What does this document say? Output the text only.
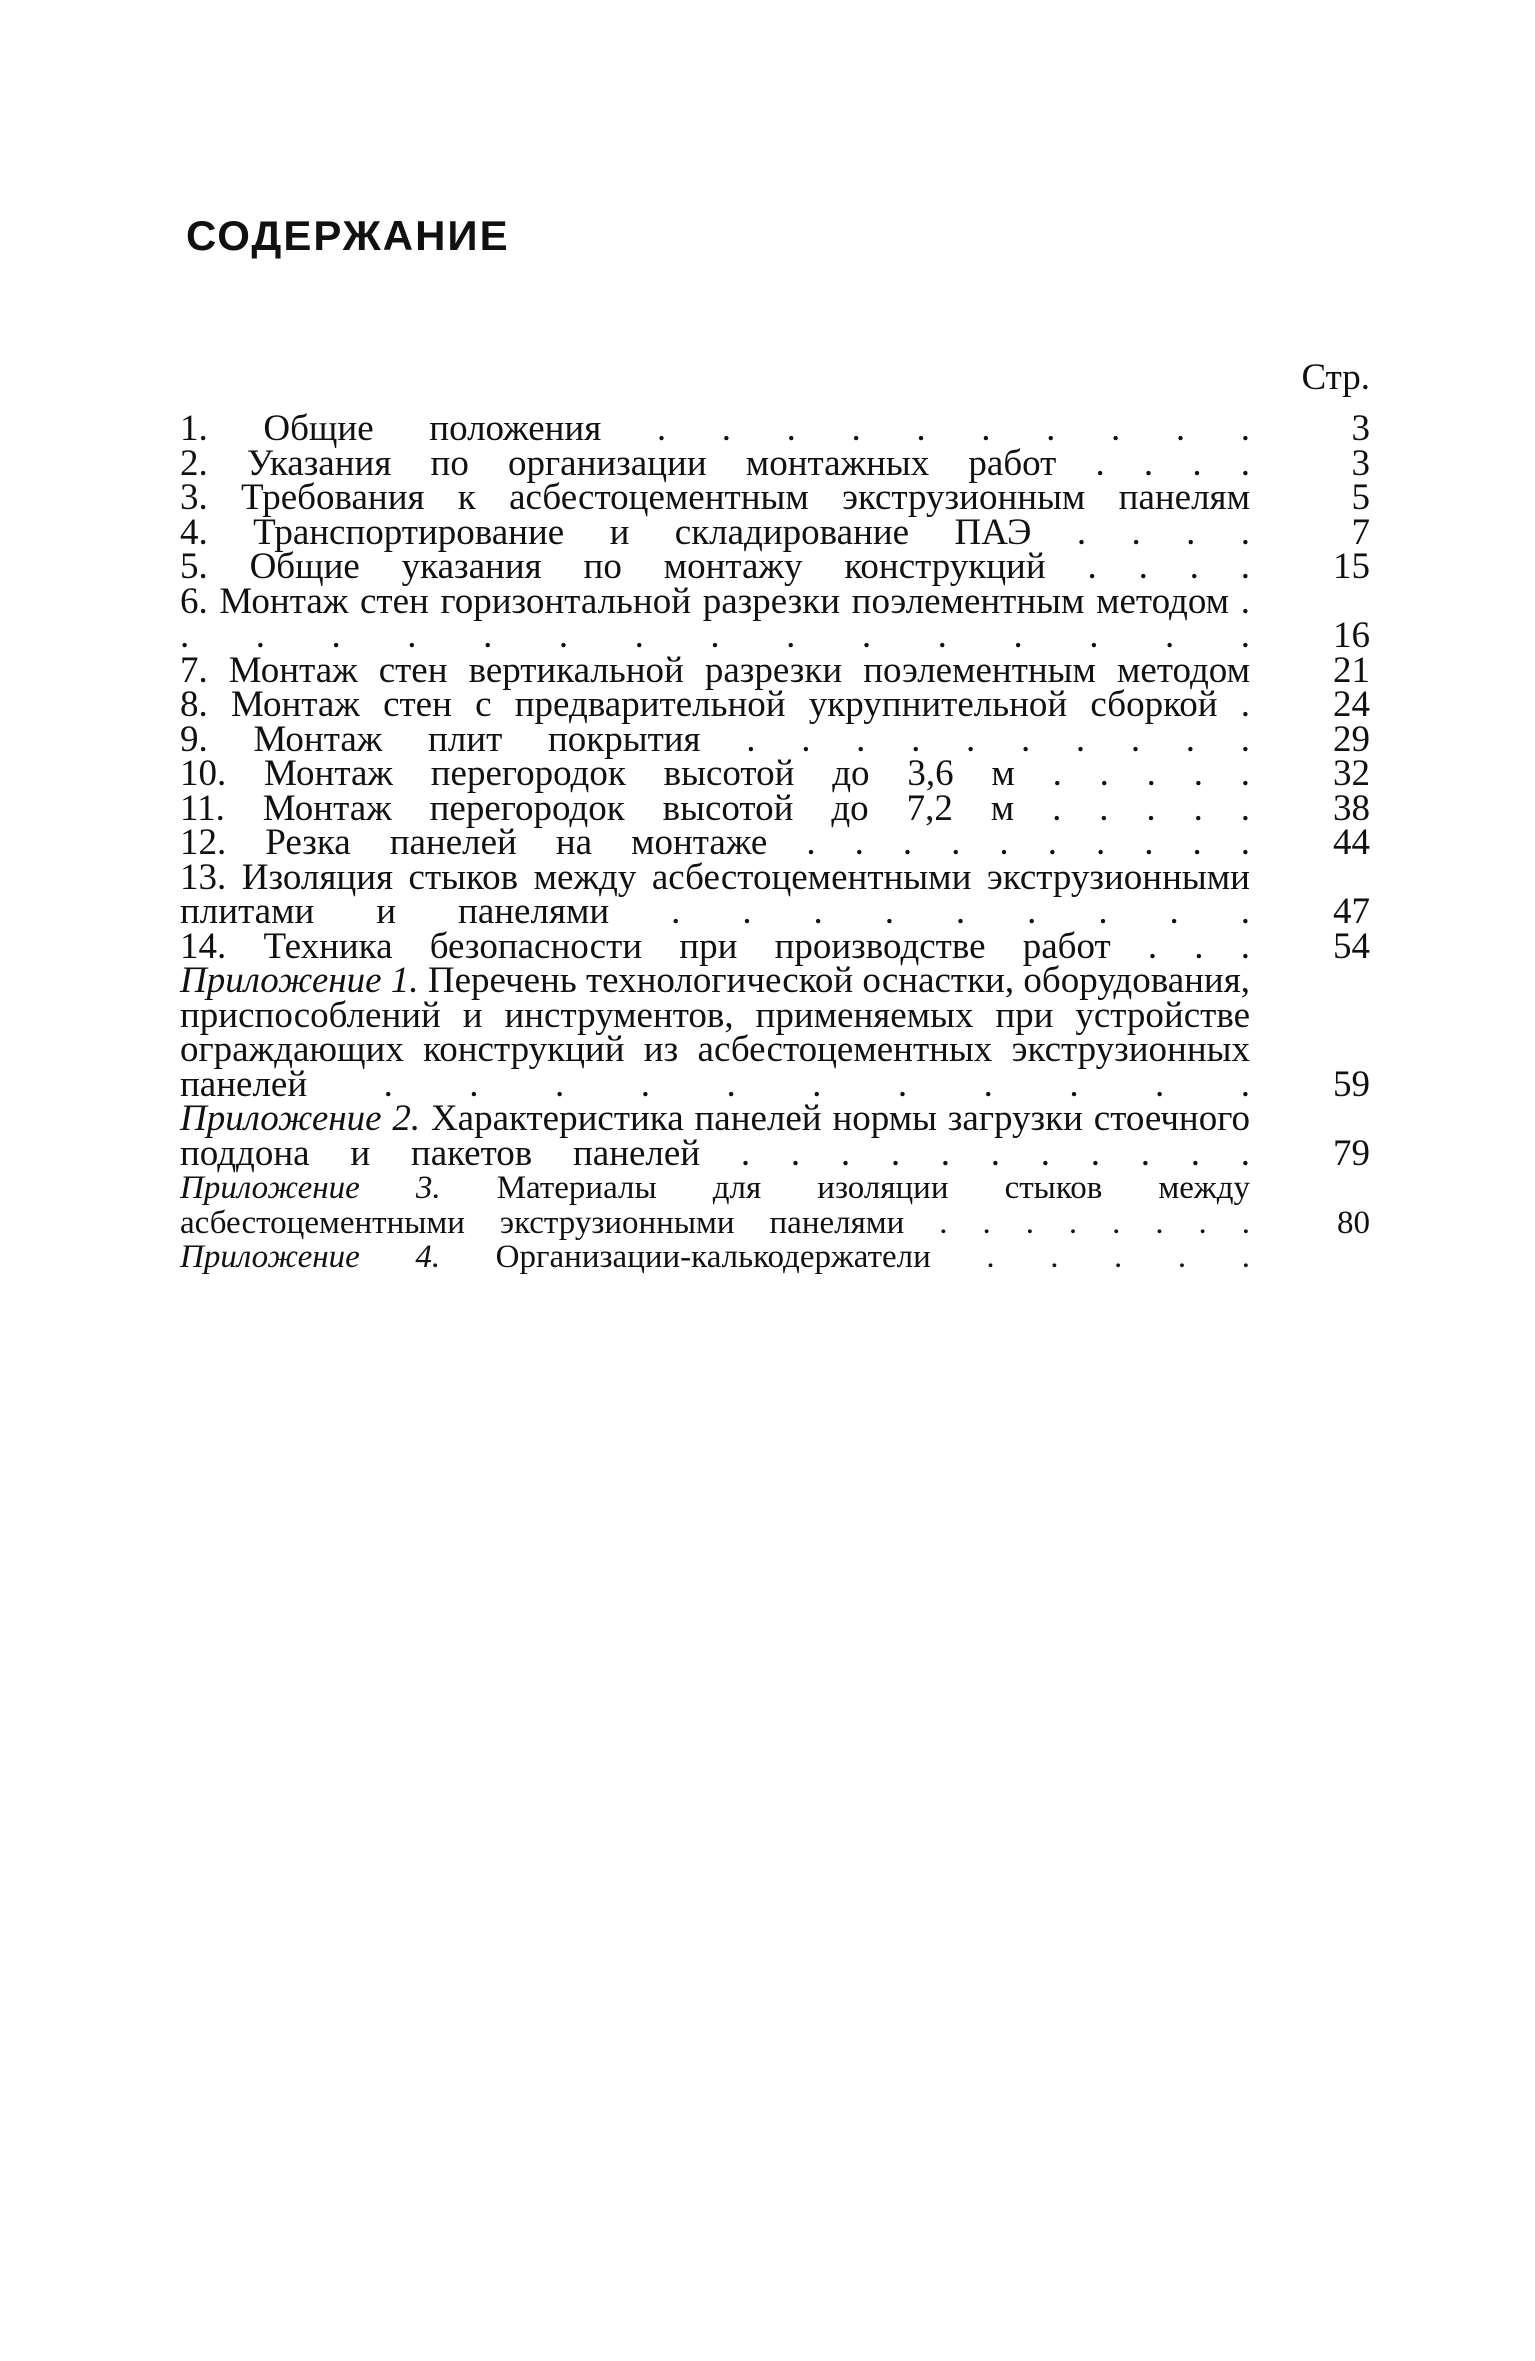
СОДЕРЖАНИЕ
Стр.
1. Общие положения . . . . . . . . . .	3
2. Указания по организации монтажных работ . . . .	3
3. Требования к асбестоцементным экструзионным панелям	5
4. Транспортирование и складирование ПАЭ . . . .	7
5. Общие указания по монтажу конструкций . . . .	15
6. Монтаж стен горизонтальной разрезки поэлементным методом . . . . . . . . . . . . . . . .	16
7. Монтаж стен вертикальной разрезки поэлементным методом	21
8. Монтаж стен с предварительной укрупнительной сборкой .	24
9. Монтаж плит покрытия . . . . . . . . . .	29
10. Монтаж перегородок высотой до 3,6 м . . . . .	32
11. Монтаж перегородок высотой до 7,2 м . . . . .	38
12. Резка панелей на монтаже . . . . . . . . . .	44
13. Изоляция стыков между асбестоцементными экструзионными плитами и панелями . . . . . . . . .	47
14. Техника безопасности при производстве работ . . .	54
Приложение 1. Перечень технологической оснастки, оборудования, приспособлений и инструментов, применяемых при устройстве ограждающих конструкций из асбестоцементных экструзионных панелей . . . . . . . . . . .	59
Приложение 2. Характеристика панелей нормы загрузки стоечного поддона и пакетов панелей . . . . . . . . . . .	79
Приложение 3. Материалы для изоляции стыков между асбестоцементными экструзионными панелями . . . . . . . .	80
Приложение 4. Организации-калькодержатели . . . . .
